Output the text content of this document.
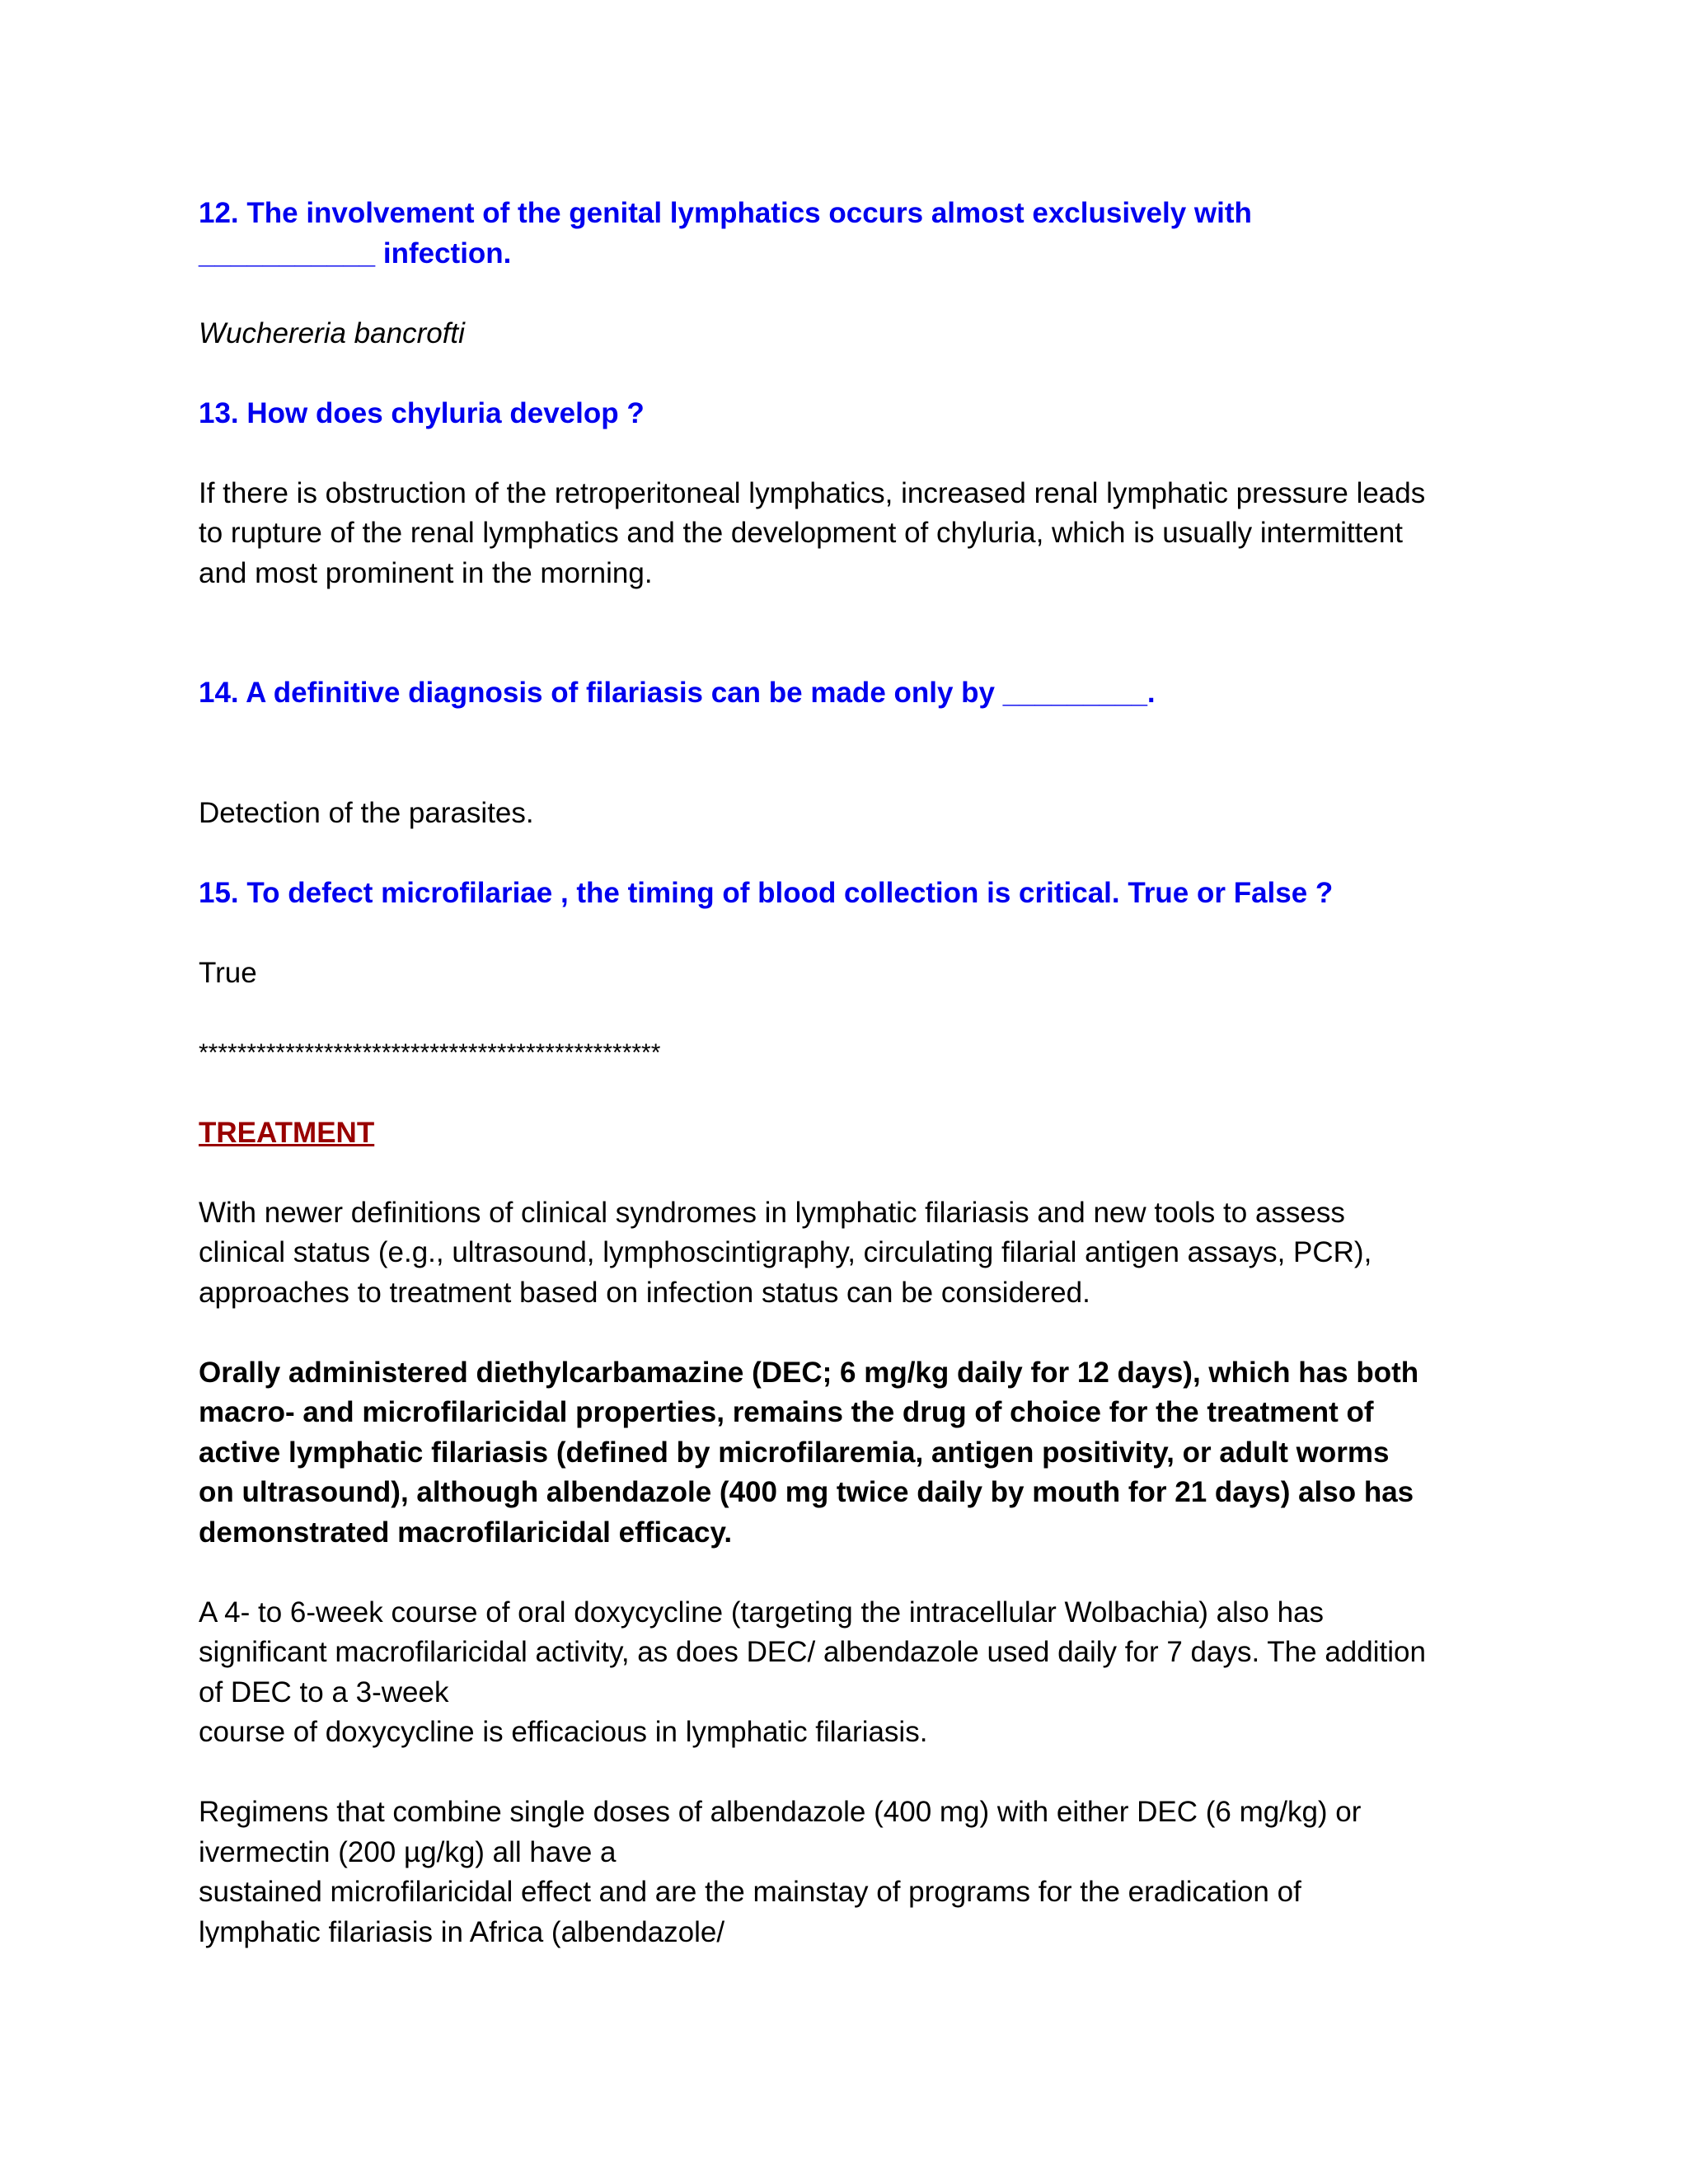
12. The involvement of the genital lymphatics occurs almost exclusively with
___________ infection.

Wuchereria bancrofti

13. How does chyluria develop ?

If there is obstruction of the retroperitoneal lymphatics, increased renal lymphatic pressure leads
to rupture of the renal lymphatics and the development of chyluria, which is usually intermittent
and most prominent in the morning.

14. A definitive diagnosis of filariasis can be made only by _________.

Detection of the parasites.

15. To defect microfilariae , the timing of blood collection is critical. True or False ?

True

************************************************

TREATMENT

With newer definitions of clinical syndromes in lymphatic filariasis and new tools to assess
clinical status (e.g., ultrasound, lymphoscintigraphy, circulating filarial antigen assays, PCR),
approaches to treatment based on infection status can be considered.

Orally administered diethylcarbamazine (DEC; 6 mg/kg daily for 12 days), which has both
macro- and microfilaricidal properties, remains the drug of choice for the treatment of
active lymphatic filariasis (defined by microfilaremia, antigen positivity, or adult worms
on ultrasound), although albendazole (400 mg twice daily by mouth for 21 days) also has
demonstrated macrofilaricidal efficacy.

A 4- to 6-week course of oral doxycycline (targeting the intracellular Wolbachia) also has
significant macrofilaricidal activity, as does DEC/ albendazole used daily for 7 days. The addition
of DEC to a 3-week
course of doxycycline is efficacious in lymphatic filariasis.

Regimens that combine single doses of albendazole (400 mg) with either DEC (6 mg/kg) or
ivermectin (200 µg/kg) all have a
sustained microfilaricidal effect and are the mainstay of programs for the eradication of
lymphatic filariasis in Africa (albendazole/
